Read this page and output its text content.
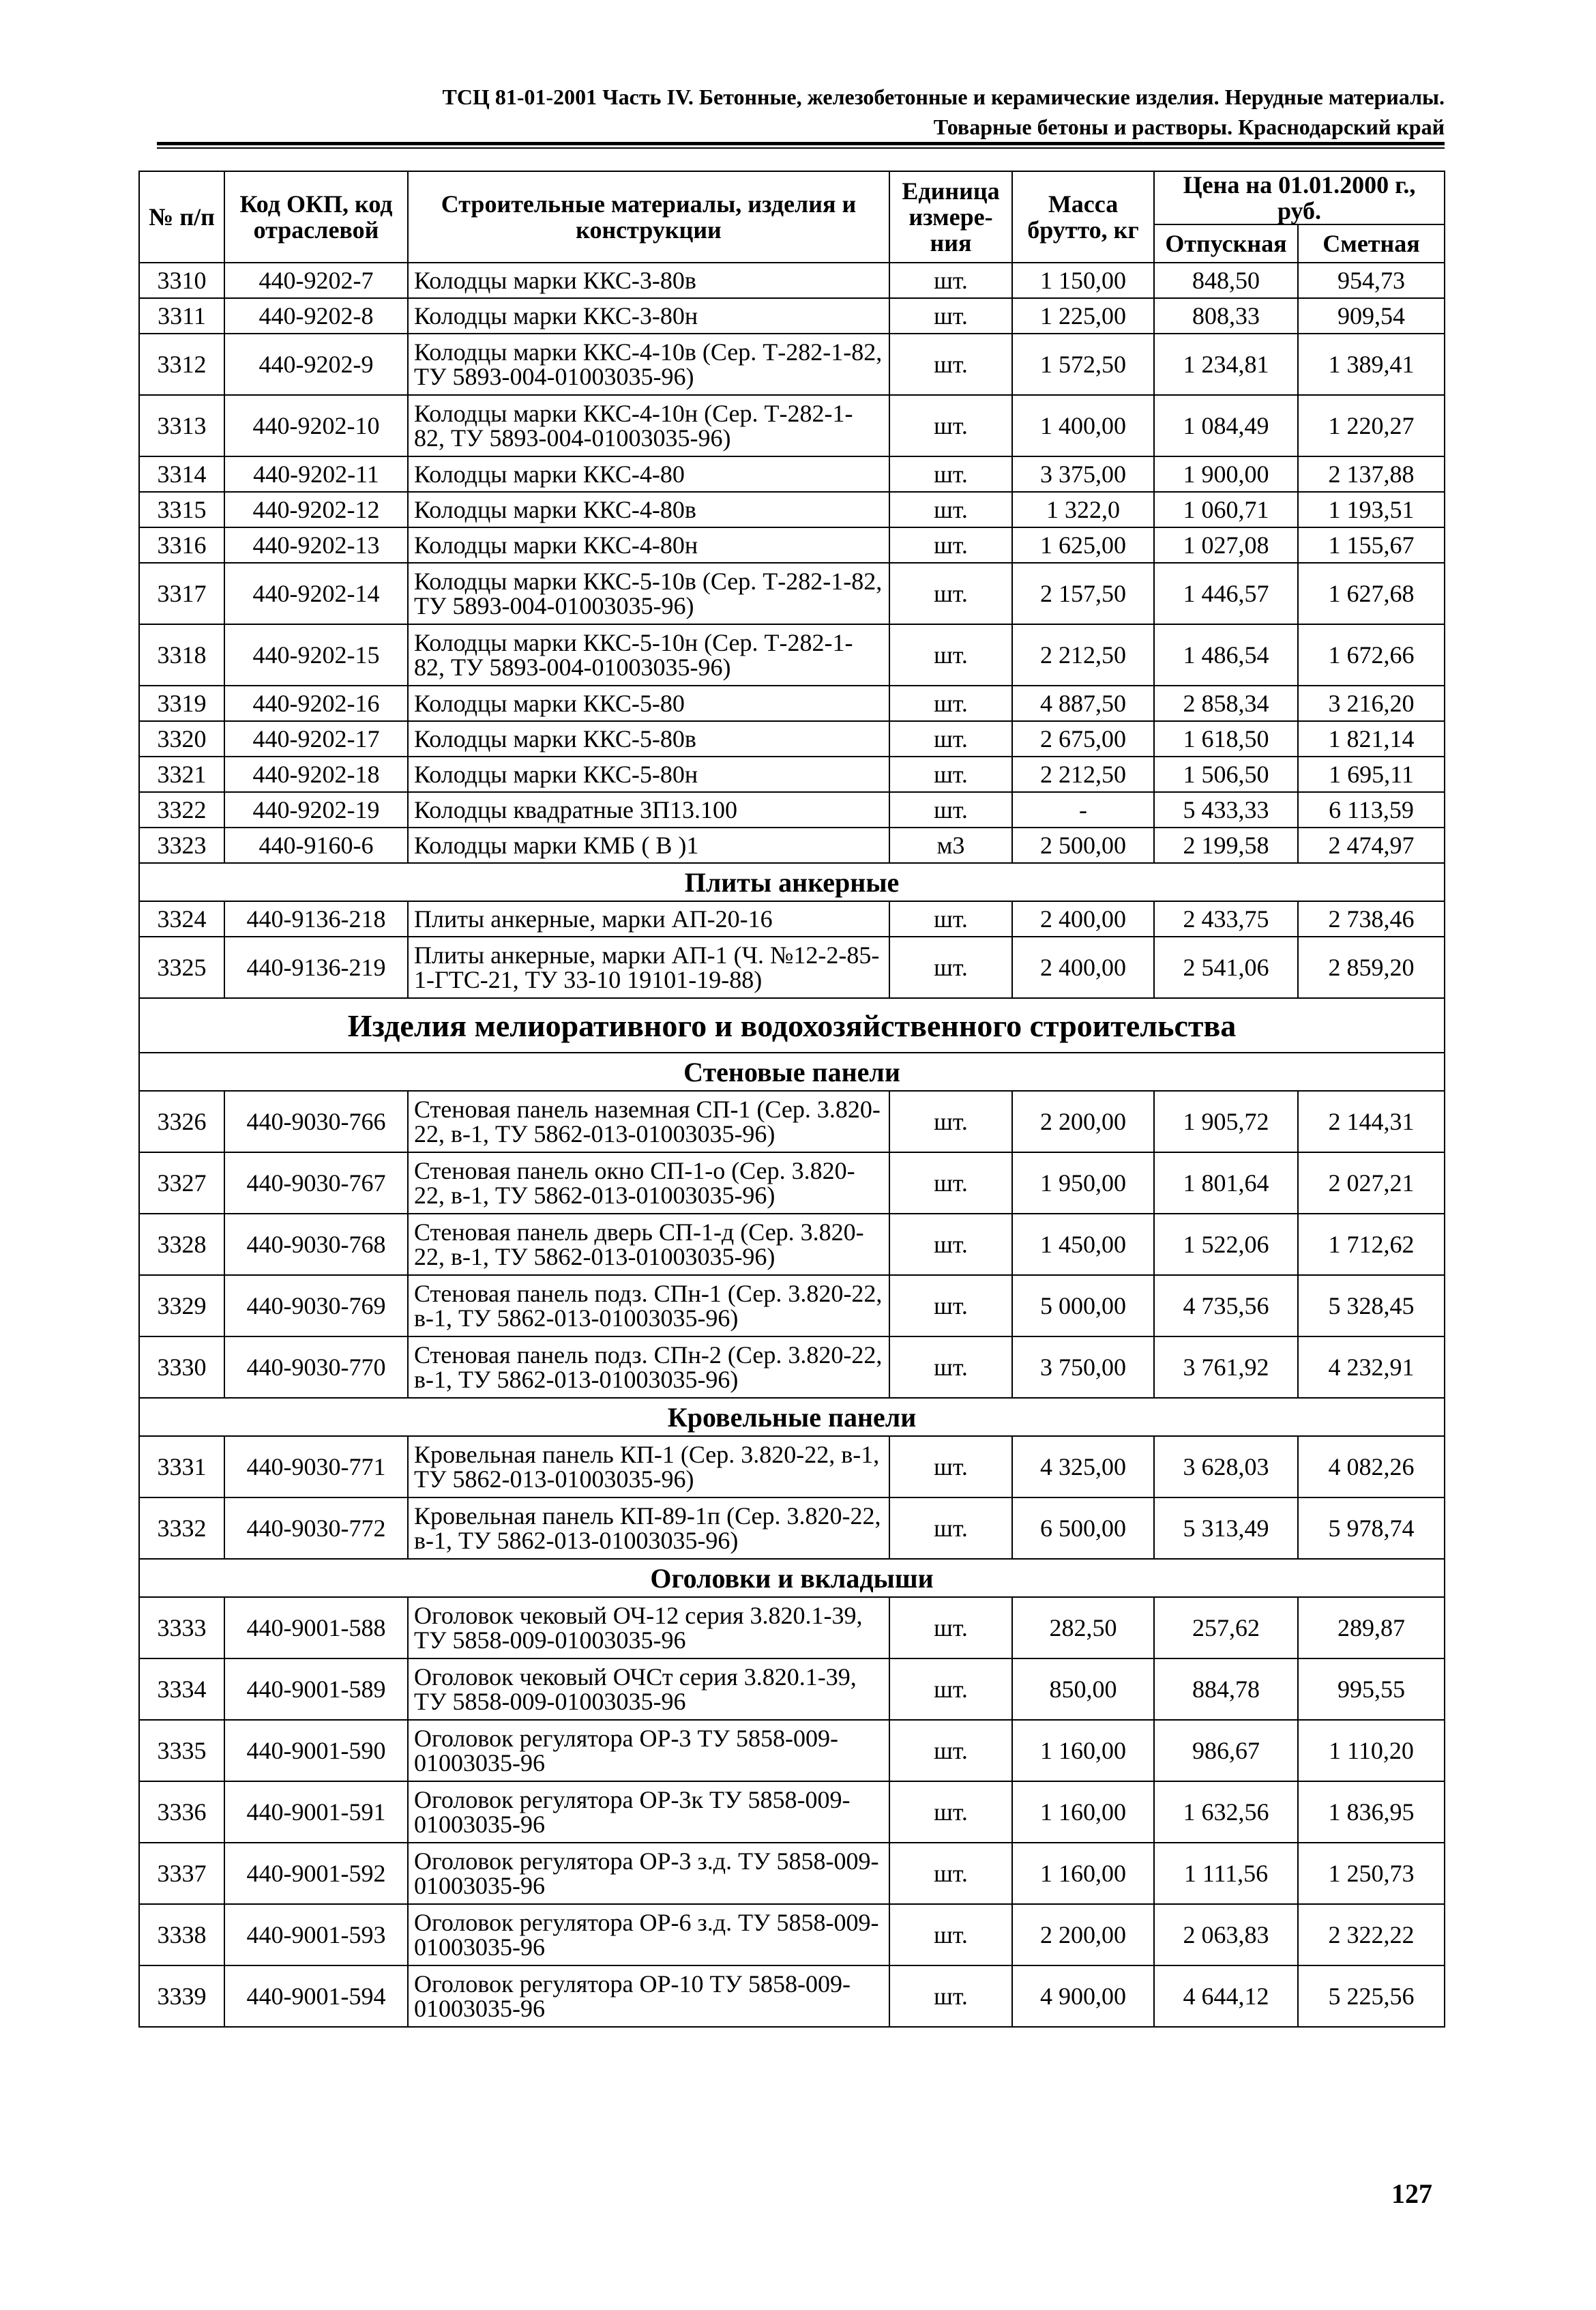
ТСЦ 81-01-2001 Часть IV. Бетонные, железобетонные и керамические изделия. Нерудные материалы.
Товарные бетоны и растворы. Краснодарский край
№ п/п	Код ОКП, код отраслевой	Строительные материалы, изделия и конструкции	Единица измере-ния	Масса брутто, кг	Цена на 01.01.2000 г., руб.	
					Отпускная	Сметная
3310	440-9202-7	Колодцы марки ККС-3-80в	шт.	1 150,00	848,50	954,73
3311	440-9202-8	Колодцы марки ККС-3-80н	шт.	1 225,00	808,33	909,54
3312	440-9202-9	Колодцы марки ККС-4-10в (Сер. Т-282-1-82, ТУ 5893-004-01003035-96)	шт.	1 572,50	1 234,81	1 389,41
3313	440-9202-10	Колодцы марки ККС-4-10н (Сер. Т-282-1-82, ТУ 5893-004-01003035-96)	шт.	1 400,00	1 084,49	1 220,27
3314	440-9202-11	Колодцы марки ККС-4-80	шт.	3 375,00	1 900,00	2 137,88
3315	440-9202-12	Колодцы марки ККС-4-80в	шт.	1 322,0	1 060,71	1 193,51
3316	440-9202-13	Колодцы марки ККС-4-80н	шт.	1 625,00	1 027,08	1 155,67
3317	440-9202-14	Колодцы марки ККС-5-10в (Сер. Т-282-1-82, ТУ 5893-004-01003035-96)	шт.	2 157,50	1 446,57	1 627,68
3318	440-9202-15	Колодцы марки ККС-5-10н (Сер. Т-282-1-82, ТУ 5893-004-01003035-96)	шт.	2 212,50	1 486,54	1 672,66
3319	440-9202-16	Колодцы марки ККС-5-80	шт.	4 887,50	2 858,34	3 216,20
3320	440-9202-17	Колодцы марки ККС-5-80в	шт.	2 675,00	1 618,50	1 821,14
3321	440-9202-18	Колодцы марки ККС-5-80н	шт.	2 212,50	1 506,50	1 695,11
3322	440-9202-19	Колодцы квадратные 3П13.100	шт.	-	5 433,33	6 113,59
3323	440-9160-6	Колодцы марки КМБ ( В )1	м3	2 500,00	2 199,58	2 474,97
Плиты анкерные						
3324	440-9136-218	Плиты анкерные, марки АП-20-16	шт.	2 400,00	2 433,75	2 738,46
3325	440-9136-219	Плиты анкерные, марки АП-1 (Ч. №12-2-85-1-ГТС-21, ТУ 33-10 19101-19-88)	шт.	2 400,00	2 541,06	2 859,20
Изделия мелиоративного и водохозяйственного строительства						
Стеновые панели						
3326	440-9030-766	Стеновая панель наземная СП-1 (Сер. 3.820-22, в-1, ТУ 5862-013-01003035-96)	шт.	2 200,00	1 905,72	2 144,31
3327	440-9030-767	Стеновая панель окно СП-1-о (Сер. 3.820-22, в-1, ТУ 5862-013-01003035-96)	шт.	1 950,00	1 801,64	2 027,21
3328	440-9030-768	Стеновая панель дверь СП-1-д (Сер. 3.820-22, в-1, ТУ 5862-013-01003035-96)	шт.	1 450,00	1 522,06	1 712,62
3329	440-9030-769	Стеновая панель подз. СПн-1 (Сер. 3.820-22, в-1, ТУ 5862-013-01003035-96)	шт.	5 000,00	4 735,56	5 328,45
3330	440-9030-770	Стеновая панель подз. СПн-2 (Сер. 3.820-22, в-1, ТУ 5862-013-01003035-96)	шт.	3 750,00	3 761,92	4 232,91
Кровельные панели						
3331	440-9030-771	Кровельная панель КП-1 (Сер. 3.820-22, в-1, ТУ 5862-013-01003035-96)	шт.	4 325,00	3 628,03	4 082,26
3332	440-9030-772	Кровельная панель КП-89-1п (Сер. 3.820-22, в-1, ТУ 5862-013-01003035-96)	шт.	6 500,00	5 313,49	5 978,74
Оголовки и вкладыши						
3333	440-9001-588	Оголовок чековый ОЧ-12 серия 3.820.1-39, ТУ 5858-009-01003035-96	шт.	282,50	257,62	289,87
3334	440-9001-589	Оголовок чековый ОЧСт серия 3.820.1-39, ТУ 5858-009-01003035-96	шт.	850,00	884,78	995,55
3335	440-9001-590	Оголовок регулятора ОР-3 ТУ 5858-009-01003035-96	шт.	1 160,00	986,67	1 110,20
3336	440-9001-591	Оголовок регулятора ОР-3к ТУ 5858-009-01003035-96	шт.	1 160,00	1 632,56	1 836,95
3337	440-9001-592	Оголовок регулятора ОР-3 з.д. ТУ 5858-009-01003035-96	шт.	1 160,00	1 111,56	1 250,73
3338	440-9001-593	Оголовок регулятора ОР-6 з.д. ТУ 5858-009-01003035-96	шт.	2 200,00	2 063,83	2 322,22
3339	440-9001-594	Оголовок регулятора ОР-10 ТУ 5858-009-01003035-96	шт.	4 900,00	4 644,12	5 225,56
127
